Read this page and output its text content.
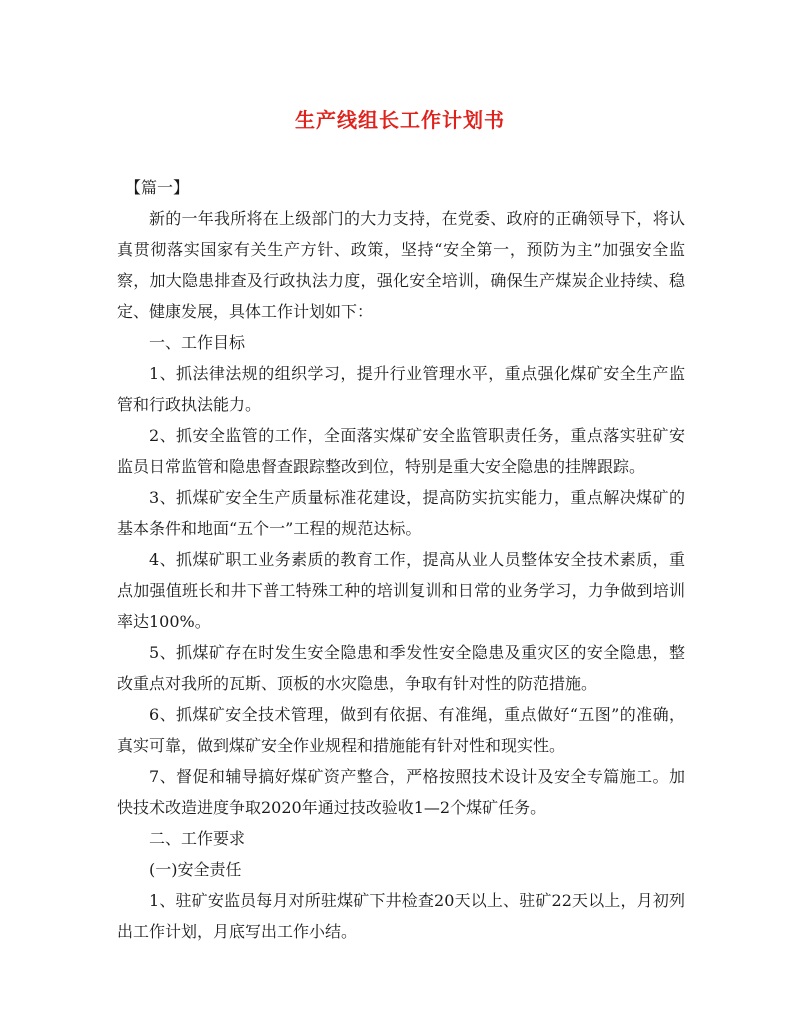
生产线组长工作计划书

【篇一】

新的一年我所将在上级部门的大力支持，在党委、政府的正确领导下，将认真贯彻落实国家有关生产方针、政策，坚持“安全第一，预防为主”加强安全监察，加大隐患排查及行政执法力度，强化安全培训，确保生产煤炭企业持续、稳定、健康发展，具体工作计划如下：

一、工作目标

1、抓法律法规的组织学习，提升行业管理水平，重点强化煤矿安全生产监管和行政执法能力。

2、抓安全监管的工作，全面落实煤矿安全监管职责任务，重点落实驻矿安监员日常监管和隐患督查跟踪整改到位，特别是重大安全隐患的挂牌跟踪。

3、抓煤矿安全生产质量标准花建设，提高防实抗实能力，重点解决煤矿的基本条件和地面“五个一”工程的规范达标。

4、抓煤矿职工业务素质的教育工作，提高从业人员整体安全技术素质，重点加强值班长和井下普工特殊工种的培训复训和日常的业务学习，力争做到培训率达100%。

5、抓煤矿存在时发生安全隐患和季发性安全隐患及重灾区的安全隐患，整改重点对我所的瓦斯、顶板的水灾隐患，争取有针对性的防范措施。

6、抓煤矿安全技术管理，做到有依据、有准绳，重点做好“五图”的准确，真实可靠，做到煤矿安全作业规程和措施能有针对性和现实性。

7、督促和辅导搞好煤矿资产整合，严格按照技术设计及安全专篇施工。加快技术改造进度争取2020年通过技改验收1—2个煤矿任务。

二、工作要求

(一)安全责任

1、驻矿安监员每月对所驻煤矿下井检查20天以上、驻矿22天以上，月初列出工作计划，月底写出工作小结。
